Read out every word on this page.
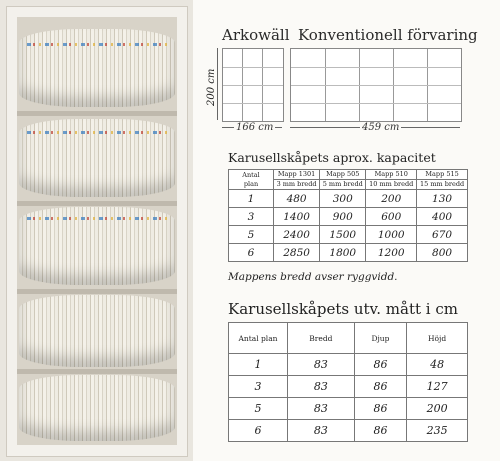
Arkowäll Konventionell förvaring
200 cm
166 cm	459 cm
Karusellskåpets aprox. kapacitet
Antal
plan	Mapp 1301	Mapp 505	Mapp 510	Mapp 515
	3 mm bredd	5 mm bredd	10 mm bredd	15 mm bredd
1	480	300	200	130
3	1400	900	600	400
5	2400	1500	1000	670
6	2850	1800	1200	800
Mappens bredd avser ryggvidd.
Karusellskåpets utv. mått i cm
Antal plan	Bredd	Djup	Höjd
1	83	86	48
3	83	86	127
5	83	86	200
6	83	86	235
